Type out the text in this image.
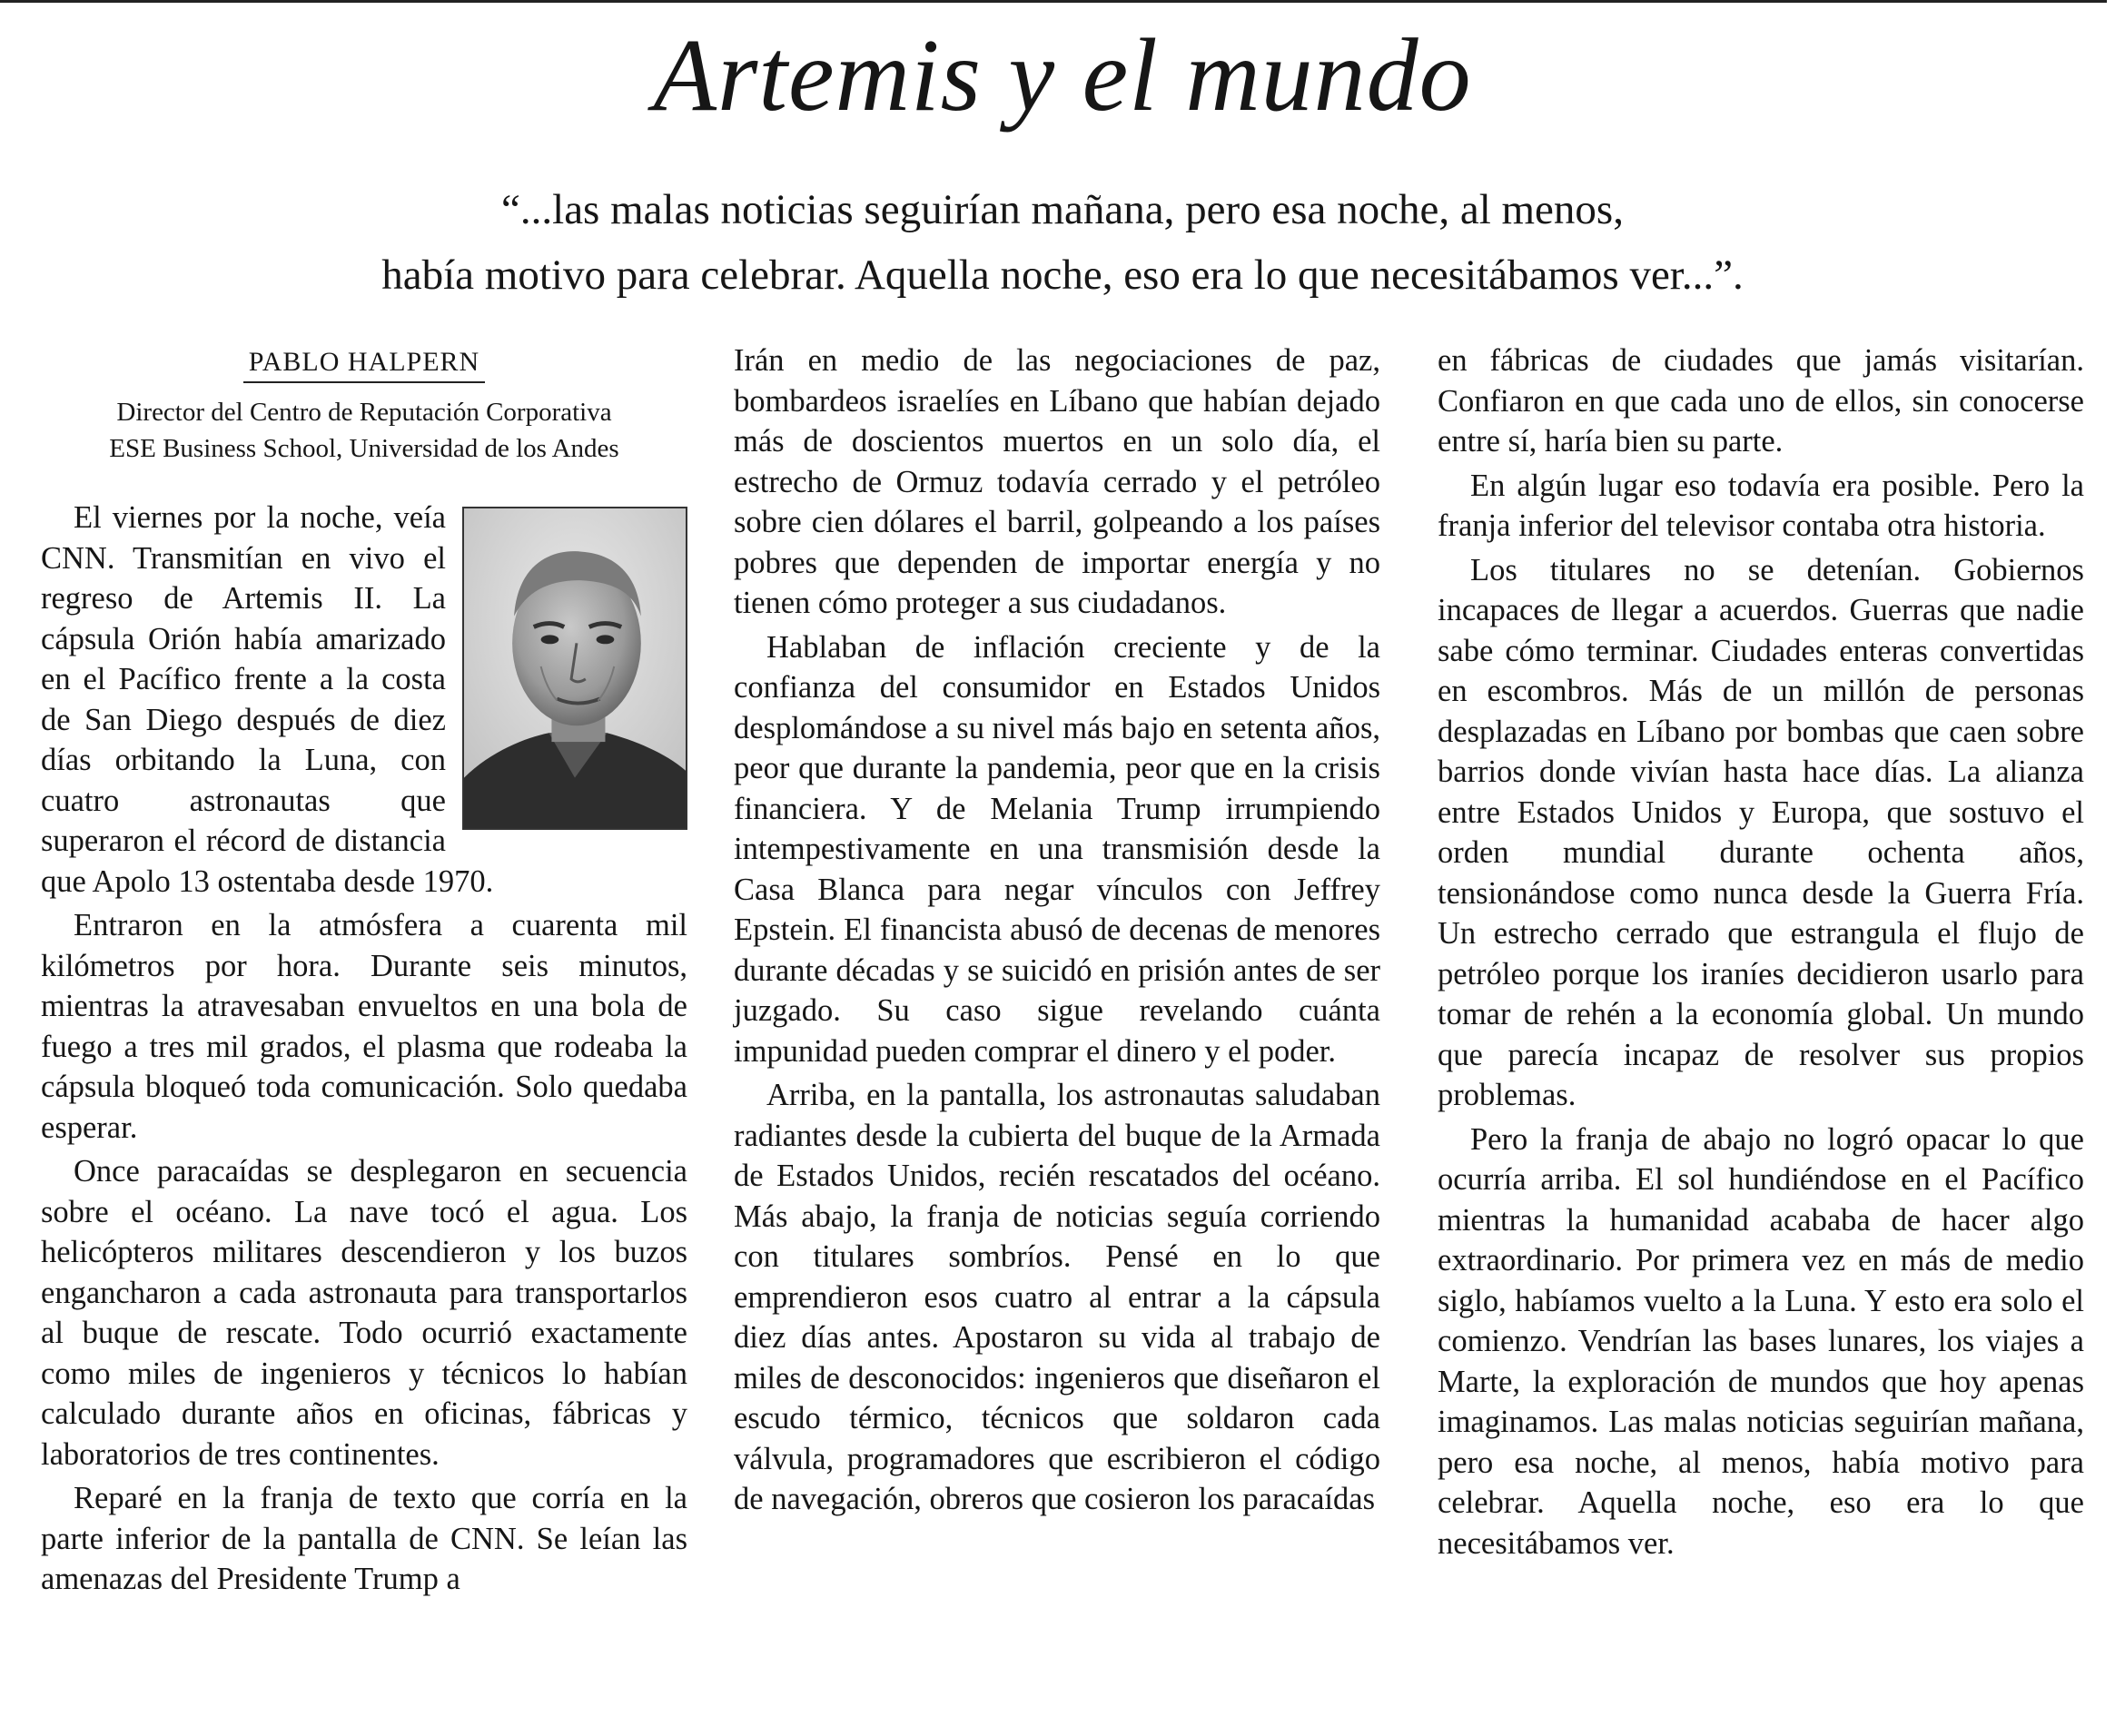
Artemis y el mundo
“...las malas noticias seguirían mañana, pero esa noche, al menos,
había motivo para celebrar. Aquella noche, eso era lo que necesitábamos ver...”.
PABLO HALPERN
Director del Centro de Reputación Corporativa
ESE Business School, Universidad de los Andes

El viernes por la noche, veía CNN. Transmitían en vivo el regreso de Artemis II. La cápsula Orión había amarizado en el Pacífico frente a la costa de San Diego después de diez días orbitando la Luna, con cuatro astronautas que superaron el récord de distancia que Apolo 13 ostentaba desde 1970.

Entraron en la atmósfera a cuarenta mil kilómetros por hora. Durante seis minutos, mientras la atravesaban envueltos en una bola de fuego a tres mil grados, el plasma que rodeaba la cápsula bloqueó toda comunicación. Solo quedaba esperar.

Once paracaídas se desplegaron en secuencia sobre el océano. La nave tocó el agua. Los helicópteros militares descendieron y los buzos engancharon a cada astronauta para transportarlos al buque de rescate. Todo ocurrió exactamente como miles de ingenieros y técnicos lo habían calculado durante años en oficinas, fábricas y laboratorios de tres continentes.

Reparé en la franja de texto que corría en la parte inferior de la pantalla de CNN. Se leían las amenazas del Presidente Trump a

Irán en medio de las negociaciones de paz, bombardeos israelíes en Líbano que habían dejado más de doscientos muertos en un solo día, el estrecho de Ormuz todavía cerrado y el petróleo sobre cien dólares el barril, golpeando a los países pobres que dependen de importar energía y no tienen cómo proteger a sus ciudadanos.

Hablaban de inflación creciente y de la confianza del consumidor en Estados Unidos desplomándose a su nivel más bajo en setenta años, peor que durante la pandemia, peor que en la crisis financiera. Y de Melania Trump irrumpiendo intempestivamente en una transmisión desde la Casa Blanca para negar vínculos con Jeffrey Epstein. El financista abusó de decenas de menores durante décadas y se suicidó en prisión antes de ser juzgado. Su caso sigue revelando cuánta impunidad pueden comprar el dinero y el poder.

Arriba, en la pantalla, los astronautas saludaban radiantes desde la cubierta del buque de la Armada de Estados Unidos, recién rescatados del océano. Más abajo, la franja de noticias seguía corriendo con titulares sombríos. Pensé en lo que emprendieron esos cuatro al entrar a la cápsula diez días antes. Apostaron su vida al trabajo de miles de desconocidos: ingenieros que diseñaron el escudo térmico, técnicos que soldaron cada válvula, programadores que escribieron el código de navegación, obreros que cosieron los paracaídas

en fábricas de ciudades que jamás visitarían. Confiaron en que cada uno de ellos, sin conocerse entre sí, haría bien su parte.

En algún lugar eso todavía era posible. Pero la franja inferior del televisor contaba otra historia.

Los titulares no se detenían. Gobiernos incapaces de llegar a acuerdos. Guerras que nadie sabe cómo terminar. Ciudades enteras convertidas en escombros. Más de un millón de personas desplazadas en Líbano por bombas que caen sobre barrios donde vivían hasta hace días. La alianza entre Estados Unidos y Europa, que sostuvo el orden mundial durante ochenta años, tensionándose como nunca desde la Guerra Fría. Un estrecho cerrado que estrangula el flujo de petróleo porque los iraníes decidieron usarlo para tomar de rehén a la economía global. Un mundo que parecía incapaz de resolver sus propios problemas.

Pero la franja de abajo no logró opacar lo que ocurría arriba. El sol hundiéndose en el Pacífico mientras la humanidad acababa de hacer algo extraordinario. Por primera vez en más de medio siglo, habíamos vuelto a la Luna. Y esto era solo el comienzo. Vendrían las bases lunares, los viajes a Marte, la exploración de mundos que hoy apenas imaginamos. Las malas noticias seguirían mañana, pero esa noche, al menos, había motivo para celebrar. Aquella noche, eso era lo que necesitábamos ver.
